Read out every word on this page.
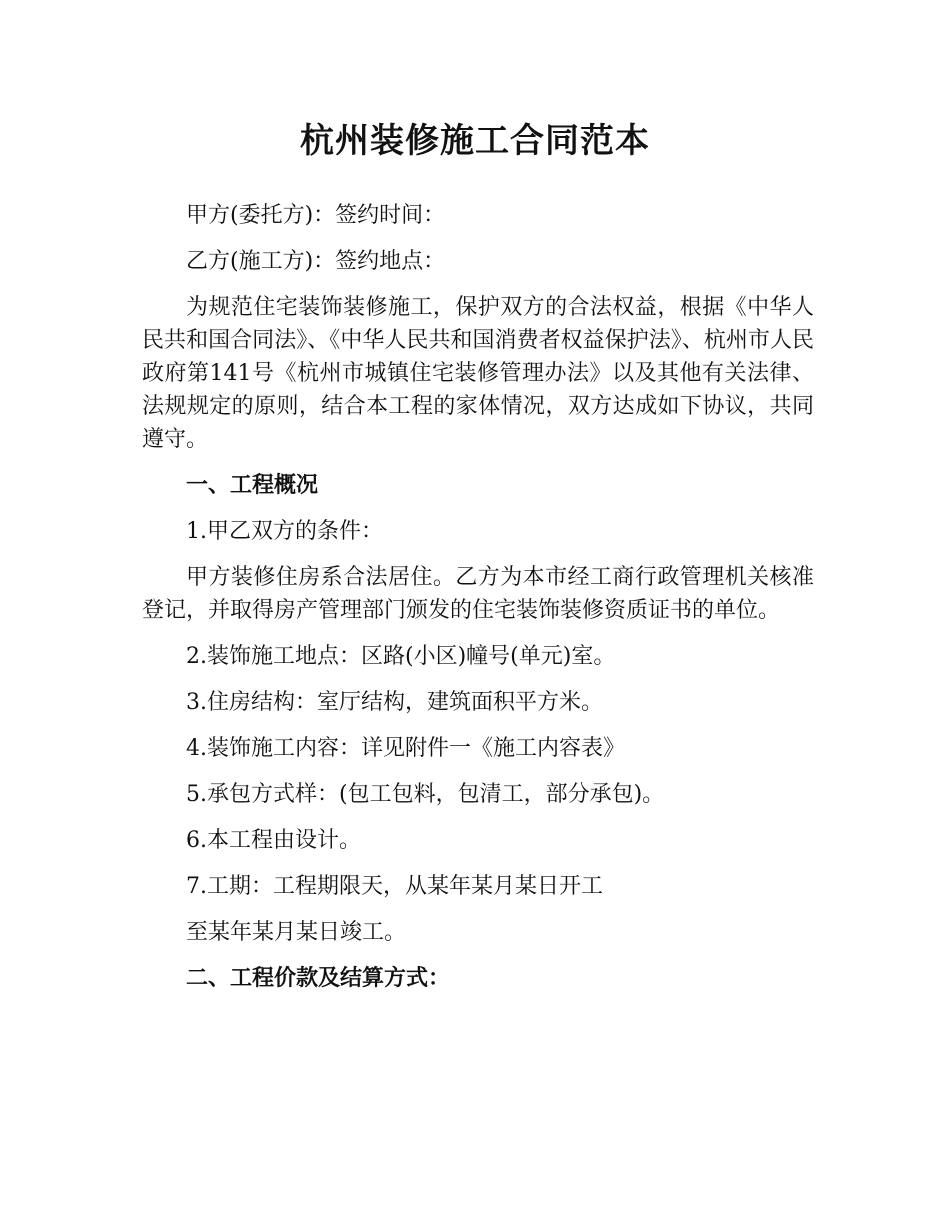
杭州装修施工合同范本

甲方(委托方)：签约时间：

乙方(施工方)：签约地点：

为规范住宅装饰装修施工，保护双方的合法权益，根据《中华人民共和国合同法》、《中华人民共和国消费者权益保护法》、杭州市人民政府第141号《杭州市城镇住宅装修管理办法》以及其他有关法律、法规规定的原则，结合本工程的家体情况，双方达成如下协议，共同遵守。

一、工程概况

1.甲乙双方的条件：

甲方装修住房系合法居住。乙方为本市经工商行政管理机关核准登记，并取得房产管理部门颁发的住宅装饰装修资质证书的单位。

2.装饰施工地点：区路(小区)幢号(单元)室。

3.住房结构：室厅结构，建筑面积平方米。

4.装饰施工内容：详见附件一《施工内容表》

5.承包方式样：(包工包料，包清工，部分承包)。

6.本工程由设计。

7.工期：工程期限天，从某年某月某日开工

至某年某月某日竣工。

二、工程价款及结算方式：
